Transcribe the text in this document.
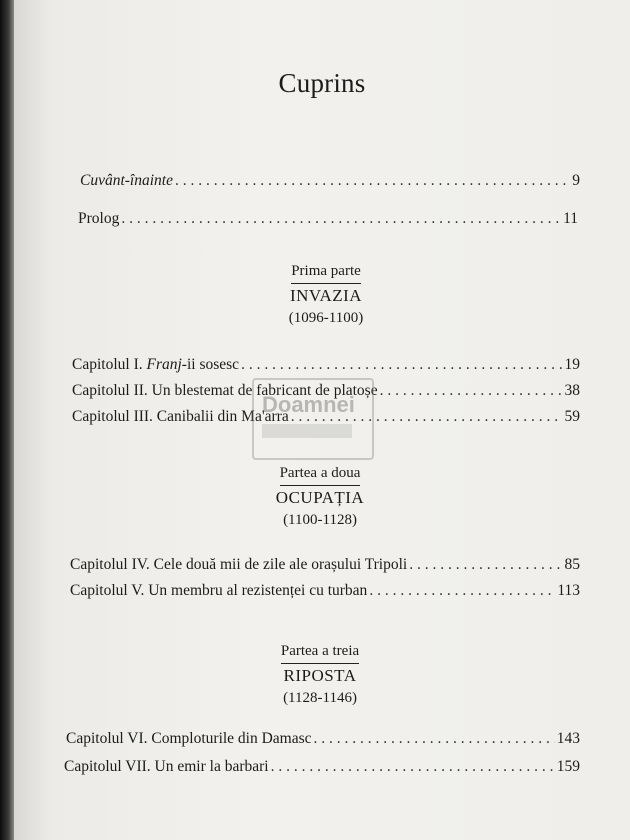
Cuprins
Cuvânt-înainte . . .	9
Prolog . . .	11
Prima parte
INVAZIA
(1096-1100)
Capitolul I. Franj-ii sosesc . . .	19
Capitolul II. Un blestemat de fabricant de platoșe . . .	38
Capitolul III. Canibalii din Ma'arra . . .	59
Doamnei
Partea a doua
OCUPAȚIA
(1100-1128)
Capitolul IV. Cele două mii de zile ale orașului Tripoli . . .	85
Capitolul V. Un membru al rezistenței cu turban . . .	113
Partea a treia
RIPOSTA
(1128-1146)
Capitolul VI. Comploturile din Damasc . . .	143
Capitolul VII. Un emir la barbari . . .	159
